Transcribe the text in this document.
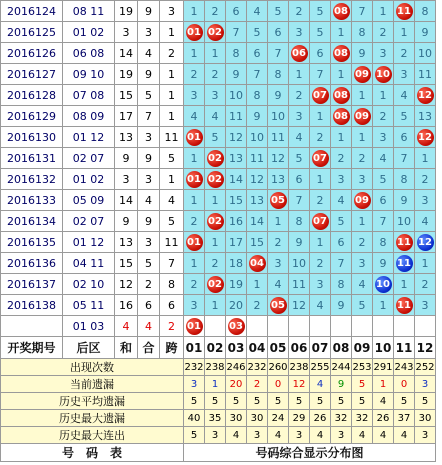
2016124	08 11	19	9	3	1	2	6	4	5	2	5	08	7	1	11	8
2016125	01 02	3	3	1	01	02	7	5	6	3	5	1	8	2	1	9
2016126	06 08	14	4	2	1	1	8	6	7	06	6	08	9	3	2	10
2016127	09 10	19	9	1	2	2	9	7	8	1	7	1	09	10	3	11
2016128	07 08	15	5	1	3	3	10	8	9	2	07	08	1	1	4	12
2016129	08 09	17	7	1	4	4	11	9	10	3	1	08	09	2	5	13
2016130	01 12	13	3	11	01	5	12	10	11	4	2	1	1	3	6	12
2016131	02 07	9	9	5	1	02	13	11	12	5	07	2	2	4	7	1
2016132	01 02	3	3	1	01	02	14	12	13	6	1	3	3	5	8	2
2016133	05 09	14	4	4	1	1	15	13	05	7	2	4	09	6	9	3
2016134	02 07	9	9	5	2	02	16	14	1	8	07	5	1	7	10	4
2016135	01 12	13	3	11	01	1	17	15	2	9	1	6	2	8	11	12
2016136	04 11	15	5	7	1	2	18	04	3	10	2	7	3	9	11	1
2016137	02 10	12	2	8	2	02	19	1	4	11	3	8	4	10	1	2
2016138	05 11	16	6	6	3	1	20	2	05	12	4	9	5	1	11	3
	01 03	4	4	2	01		03									
开奖期号	后区	和	合	跨	01	02	03	04	05	06	07	08	09	10	11	12
出现次数					232	238	246	232	260	238	255	244	253	291	243	252
当前遗漏					3	1	20	2	0	12	4	9	5	1	0	3
历史平均遗漏					5	5	5	5	5	5	5	5	5	4	5	5
历史最大遗漏					40	35	30	30	24	29	26	32	32	26	37	30
历史最大连出					5	3	4	3	4	3	4	3	4	4	4	3
号　码　表					号码综合显示分布图											
